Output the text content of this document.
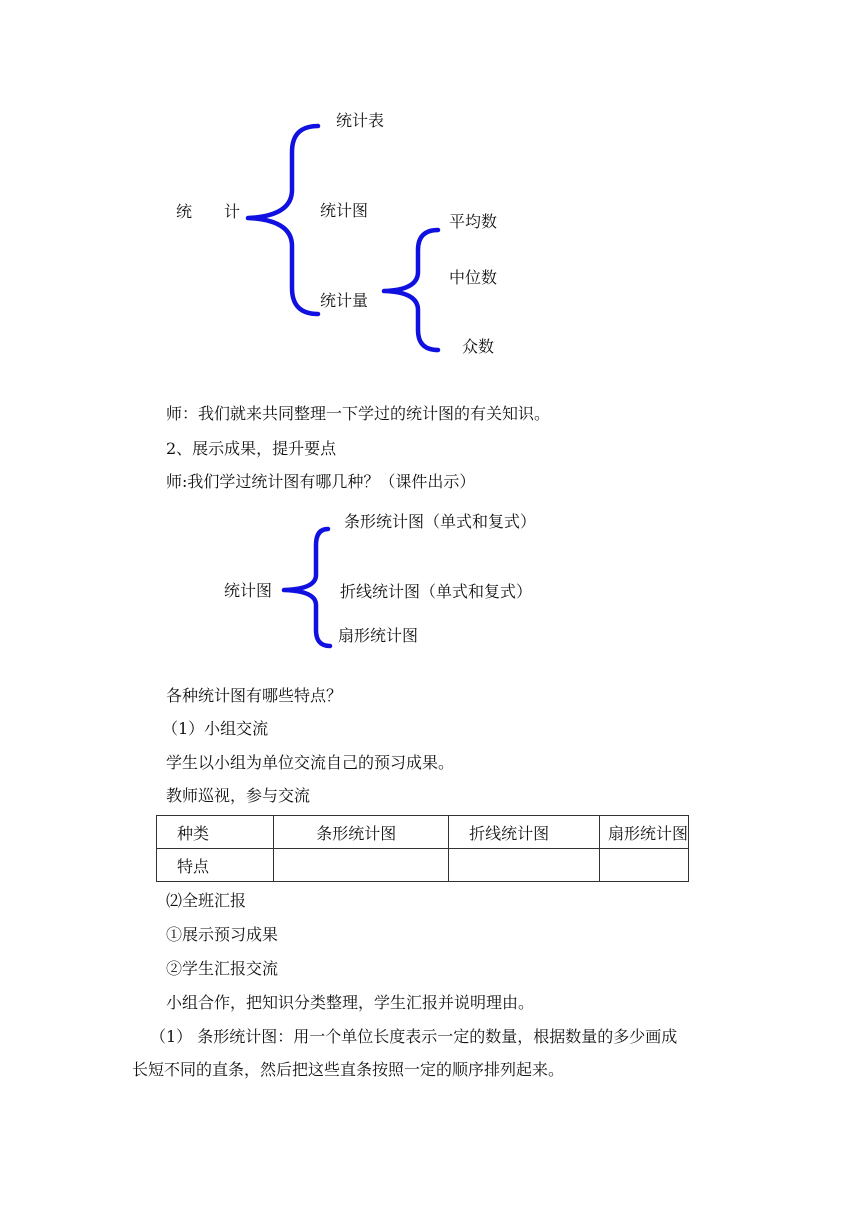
统　　计
统计表
统计图
统计量
平均数
中位数
众数
师：我们就来共同整理一下学过的统计图的有关知识。
2、展示成果，提升要点
师:我们学过统计图有哪几种？（课件出示）
统计图
条形统计图（单式和复式）
折线统计图（单式和复式）
扇形统计图
各种统计图有哪些特点？
（1）小组交流
学生以小组为单位交流自己的预习成果。
教师巡视，参与交流
种类	条形统计图	折线统计图	扇形统计图
特点			
⑵全班汇报
①展示预习成果
②学生汇报交流
小组合作，把知识分类整理，学生汇报并说明理由。
（1） 条形统计图：用一个单位长度表示一定的数量，根据数量的多少画成
长短不同的直条，然后把这些直条按照一定的顺序排列起来。
